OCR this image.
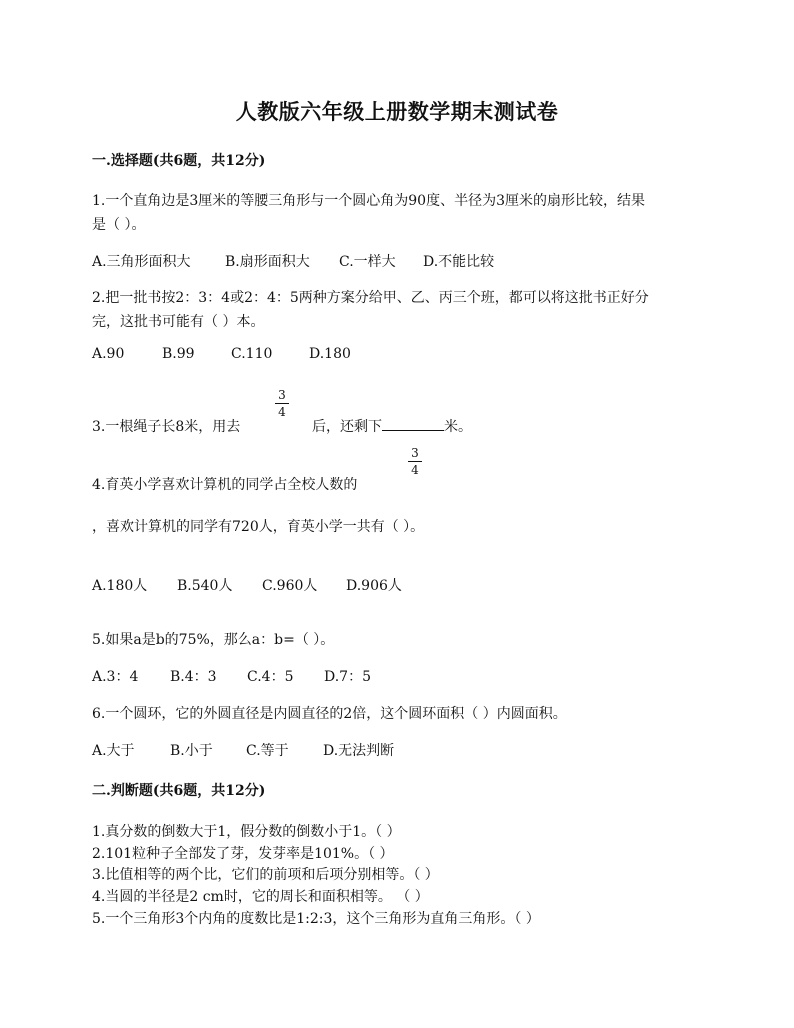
人教版六年级上册数学期末测试卷
一.选择题(共6题，共12分)
1.一个直角边是3厘米的等腰三角形与一个圆心角为90度、半径为3厘米的扇形比较，结果
是（ ）。
A.三角形面积大 B.扇形面积大 C.一样大 D.不能比较
2.把一批书按2：3：4或2：4：5两种方案分给甲、乙、丙三个班，都可以将这批书正好分
完，这批书可能有（ ）本。
A.90	B.99	C.110	D.180
3.一根绳子长8米，用去
3
4
后，还剩下	米。
4.育英小学喜欢计算机的同学占全校人数的
3
4
，喜欢计算机的同学有720人，育英小学一共有（ ）。
A.180人 B.540人 C.960人 D.906人
5.如果a是b的75%，那么a：b=（ ）。
A.3：4 B.4：3 C.4：5 D.7：5
6.一个圆环，它的外圆直径是内圆直径的2倍，这个圆环面积（ ）内圆面积。
A.大于	B.小于 C.等于 D.无法判断
二.判断题(共6题，共12分)
1.真分数的倒数大于1，假分数的倒数小于1。（ ）
2.101粒种子全部发了芽，发芽率是101%。（ ）
3.比值相等的两个比，它们的前项和后项分别相等。（ ）
4.当圆的半径是2 cm时，它的周长和面积相等。 （ ）
5.一个三角形3个内角的度数比是1:2:3，这个三角形为直角三角形。（ ）
